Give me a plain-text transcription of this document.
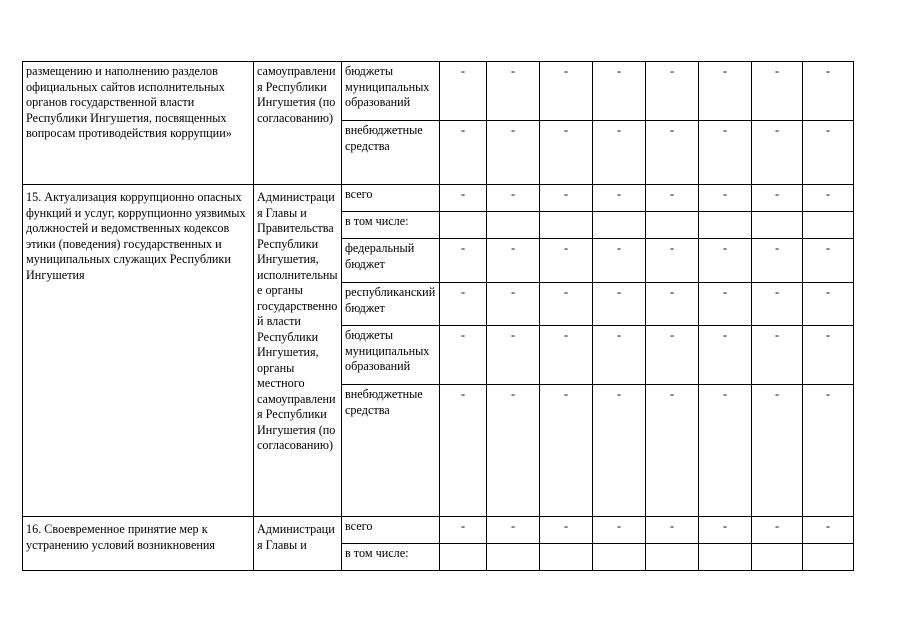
размещению и наполнению разделов официальных сайтов исполнительных органов государственной власти Республики Ингушетия, посвященных вопросам противодействия коррупции»	самоуправления Республики Ингушетия (по согласованию)	бюджеты муниципальных образований	-	-	-	-	-	-	-	-
		внебюджетные средства	-	-	-	-	-	-	-	-
15. Актуализация коррупционно опасных функций и услуг, коррупционно уязвимых должностей и ведомственных кодексов этики (поведения) государственных и муниципальных служащих Республики Ингушетия	Администрация Главы и Правительства Республики Ингушетия, исполнительные органы государственной власти Республики Ингушетия, органы местного самоуправления Республики Ингушетия (по согласованию)	всего	-	-	-	-	-	-	-	-
		в том числе:								
		федеральный бюджет	-	-	-	-	-	-	-	-
		республиканский бюджет	-	-	-	-	-	-	-	-
		бюджеты муниципальных образований	-	-	-	-	-	-	-	-
		внебюджетные средства	-	-	-	-	-	-	-	-
16. Своевременное принятие мер к устранению условий возникновения	Администрация Главы и	всего	-	-	-	-	-	-	-	-
		в том числе:								
